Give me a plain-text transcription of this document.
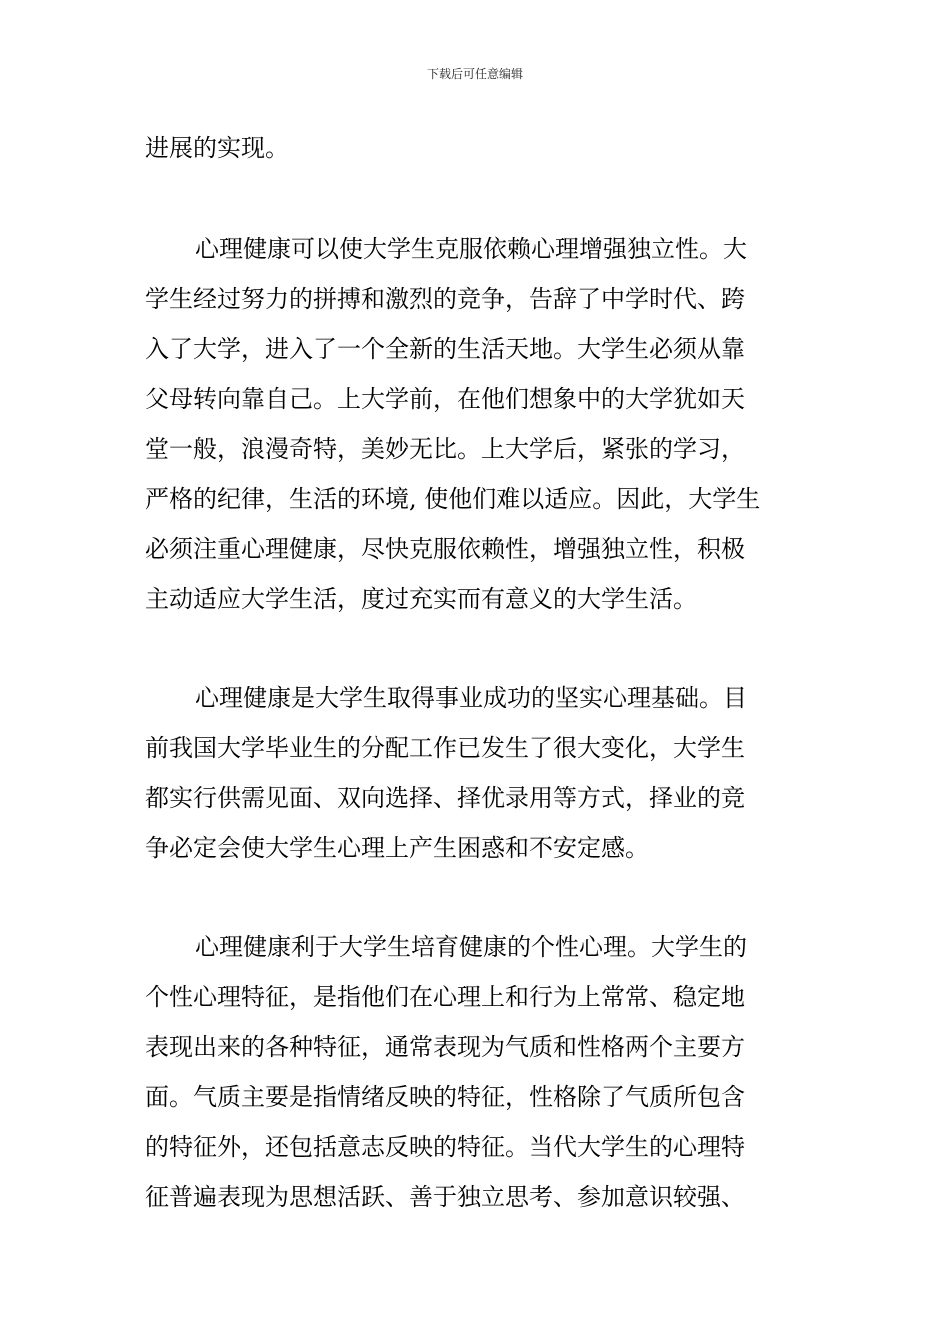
下载后可任意编辑
进展的实现。
心理健康可以使大学生克服依赖心理增强独立性。大
学生经过努力的拼搏和激烈的竞争，告辞了中学时代、跨
入了大学，进入了一个全新的生活天地。大学生必须从靠
父母转向靠自己。上大学前，在他们想象中的大学犹如天
堂一般，浪漫奇特，美妙无比。上大学后，紧张的学习，
严格的纪律，生活的环境, 使他们难以适应。因此，大学生
必须注重心理健康，尽快克服依赖性，增强独立性，积极
主动适应大学生活，度过充实而有意义的大学生活。
心理健康是大学生取得事业成功的坚实心理基础。目
前我国大学毕业生的分配工作已发生了很大变化，大学生
都实行供需见面、双向选择、择优录用等方式，择业的竞
争必定会使大学生心理上产生困惑和不安定感。
心理健康利于大学生培育健康的个性心理。大学生的
个性心理特征，是指他们在心理上和行为上常常、稳定地
表现出来的各种特征，通常表现为气质和性格两个主要方
面。气质主要是指情绪反映的特征，性格除了气质所包含
的特征外，还包括意志反映的特征。当代大学生的心理特
征普遍表现为思想活跃、善于独立思考、参加意识较强、
